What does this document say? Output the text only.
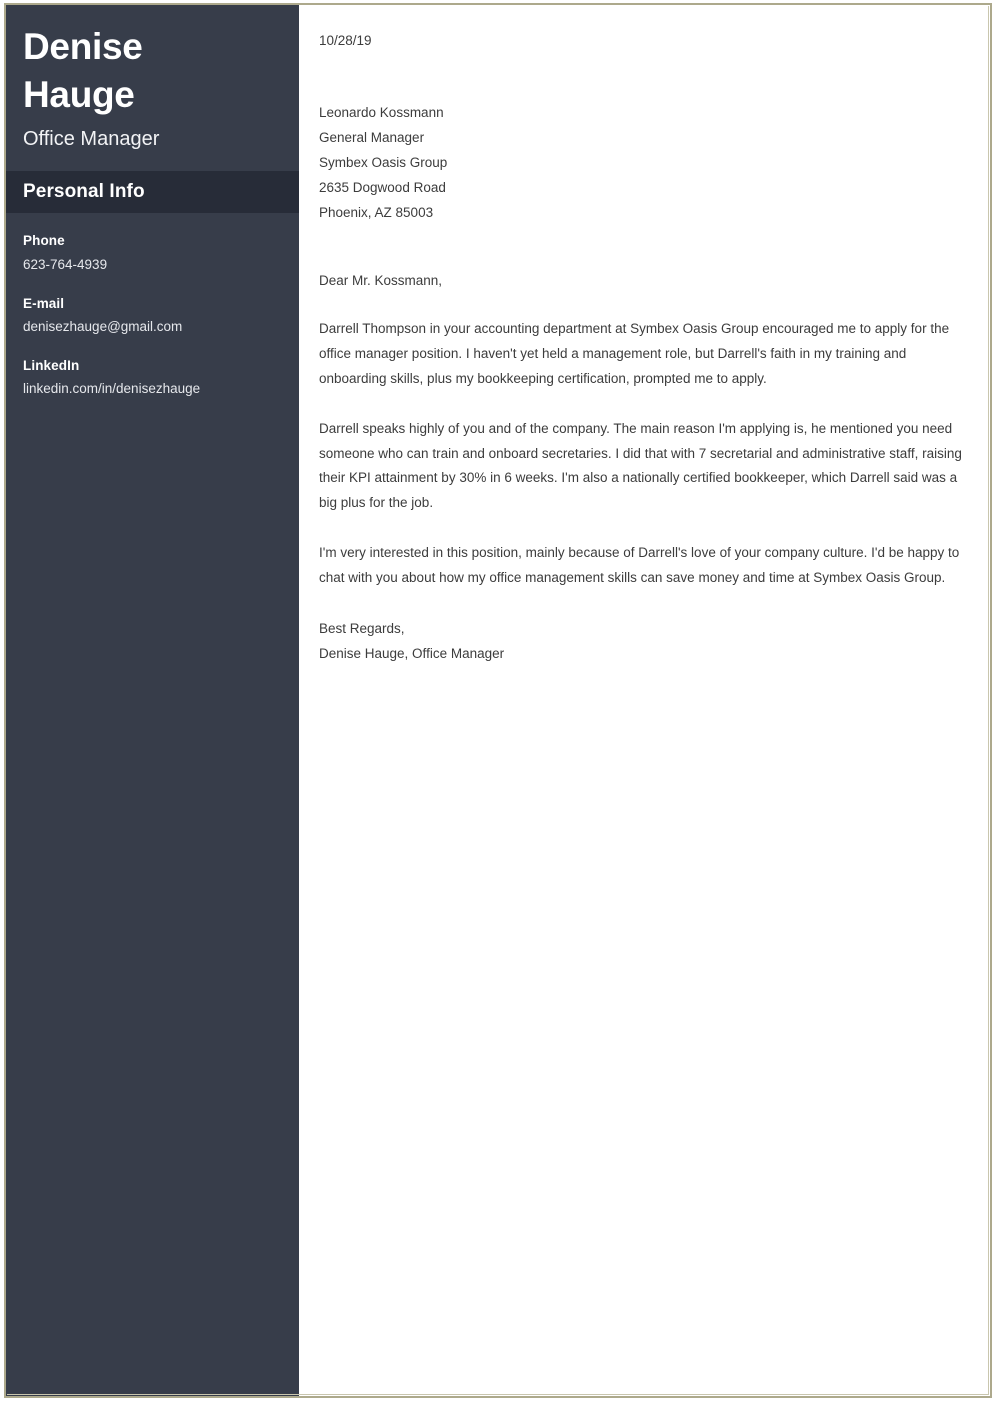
Denise Hauge
Office Manager
Personal Info
Phone
623-764-4939
E-mail
denisezhauge@gmail.com
LinkedIn
linkedin.com/in/denisezhauge
10/28/19
Leonardo Kossmann
General Manager
Symbex Oasis Group
2635 Dogwood Road
Phoenix, AZ 85003
Dear Mr. Kossmann,

Darrell Thompson in your accounting department at Symbex Oasis Group encouraged me to apply for the office manager position. I haven't yet held a management role, but Darrell's faith in my training and onboarding skills, plus my bookkeeping certification, prompted me to apply.

Darrell speaks highly of you and of the company. The main reason I'm applying is, he mentioned you need someone who can train and onboard secretaries. I did that with 7 secretarial and administrative staff, raising their KPI attainment by 30% in 6 weeks. I'm also a nationally certified bookkeeper, which Darrell said was a big plus for the job.

I'm very interested in this position, mainly because of Darrell's love of your company culture. I'd be happy to chat with you about how my office management skills can save money and time at Symbex Oasis Group.

Best Regards,
Denise Hauge, Office Manager
